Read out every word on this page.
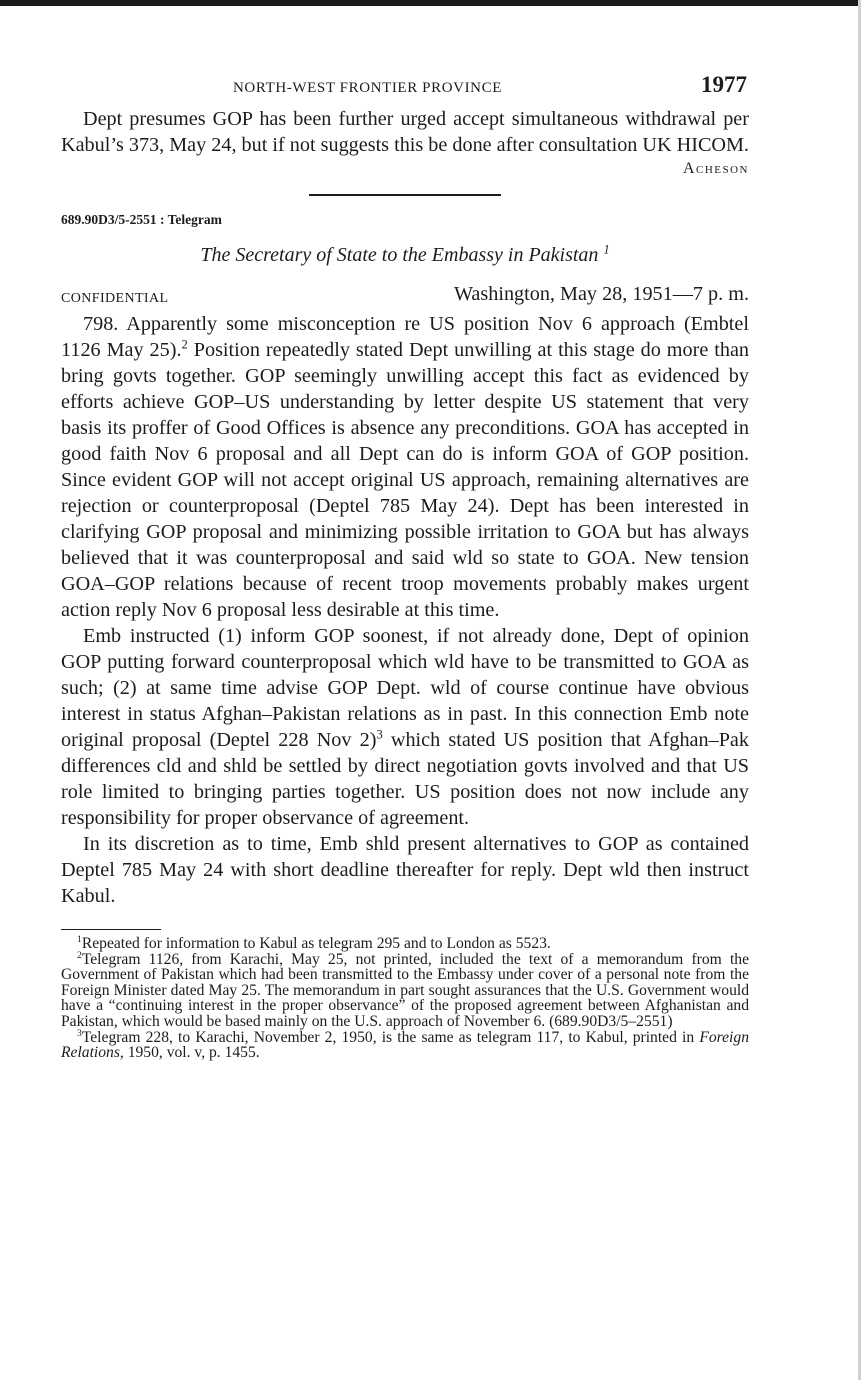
NORTH-WEST FRONTIER PROVINCE	1977

Dept presumes GOP has been further urged accept simultaneous withdrawal per Kabul’s 373, May 24, but if not suggests this be done after consultation UK HICOM.

Acheson
689.90D3/5-2551 : Telegram
The Secretary of State to the Embassy in Pakistan $^1$
CONFIDENTIAL	Washington, May 28, 1951—7 p. m.

798. Apparently some misconception re US position Nov 6 approach (Embtel 1126 May 25).$^2$ Position repeatedly stated Dept unwilling at this stage do more than bring govts together. GOP seemingly unwilling accept this fact as evidenced by efforts achieve GOP–US understanding by letter despite US statement that very basis its proffer of Good Offices is absence any preconditions. GOA has accepted in good faith Nov 6 proposal and all Dept can do is inform GOA of GOP position. Since evident GOP will not accept original US approach, remaining alternatives are rejection or counterproposal (Deptel 785 May 24). Dept has been interested in clarifying GOP proposal and minimizing possible irritation to GOA but has always believed that it was counterproposal and said wld so state to GOA. New tension GOA–GOP relations because of recent troop movements probably makes urgent action reply Nov 6 proposal less desirable at this time.

Emb instructed (1) inform GOP soonest, if not already done, Dept of opinion GOP putting forward counterproposal which wld have to be transmitted to GOA as such; (2) at same time advise GOP Dept. wld of course continue have obvious interest in status Afghan–Pakistan relations as in past. In this connection Emb note original proposal (Deptel 228 Nov 2)$^3$ which stated US position that Afghan–Pak differences cld and shld be settled by direct negotiation govts involved and that US role limited to bringing parties together. US position does not now include any responsibility for proper observance of agreement.

In its discretion as to time, Emb shld present alternatives to GOP as contained Deptel 785 May 24 with short deadline thereafter for reply. Dept wld then instruct Kabul.

$^1$Repeated for information to Kabul as telegram 295 and to London as 5523.

$^2$Telegram 1126, from Karachi, May 25, not printed, included the text of a memorandum from the Government of Pakistan which had been transmitted to the Embassy under cover of a personal note from the Foreign Minister dated May 25. The memorandum in part sought assurances that the U.S. Government would have a “continuing interest in the proper observance” of the proposed agreement between Afghanistan and Pakistan, which would be based mainly on the U.S. approach of November 6. (689.90D3/5–2551)

$^3$Telegram 228, to Karachi, November 2, 1950, is the same as telegram 117, to Kabul, printed in Foreign Relations, 1950, vol. v, p. 1455.
